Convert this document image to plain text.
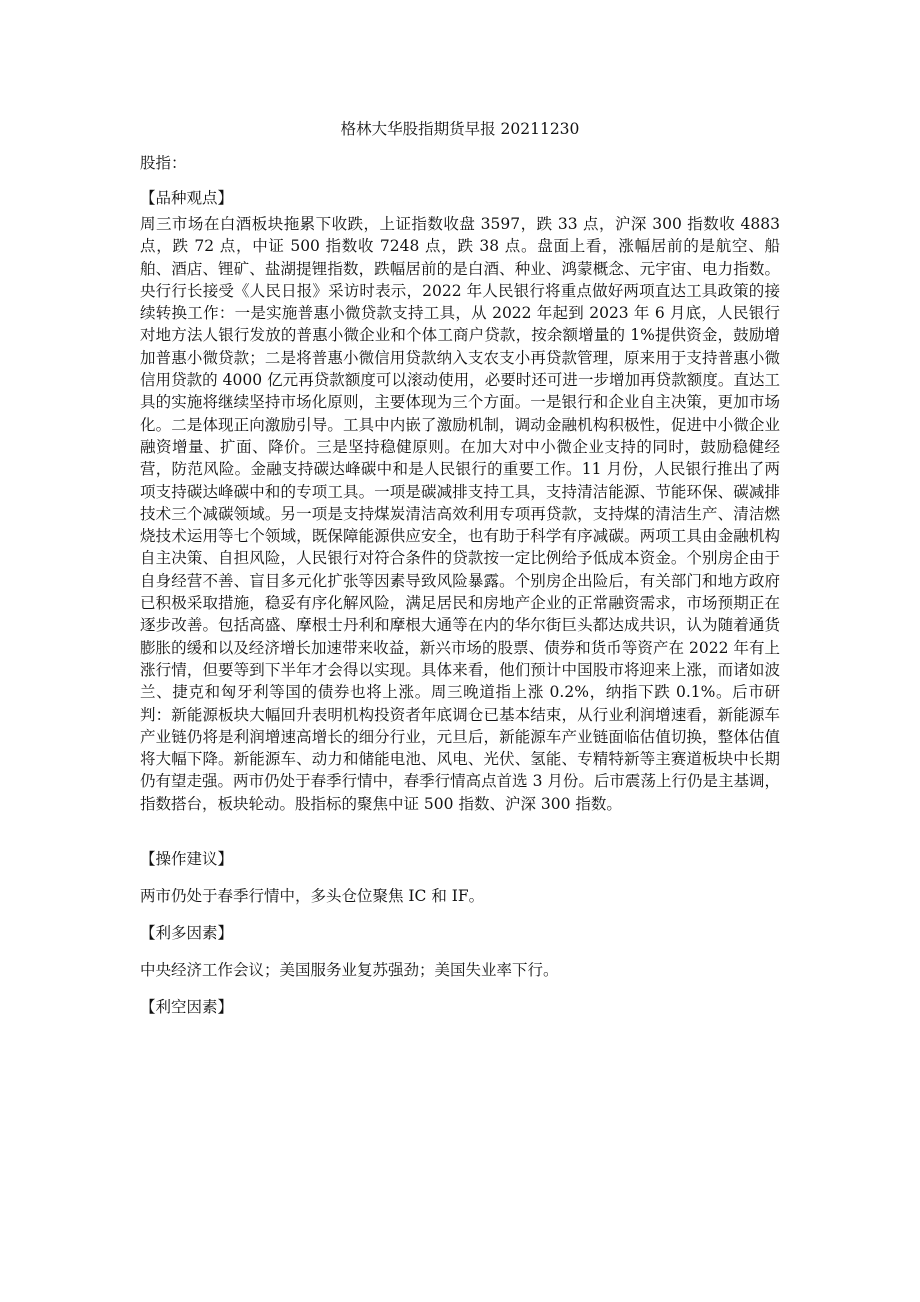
格林大华股指期货早报 20211230
股指：
【品种观点】

周三市场在白酒板块拖累下收跌，上证指数收盘 3597，跌 33 点，沪深 300 指数收 4883 点，跌 72 点，中证 500 指数收 7248 点，跌 38 点。盘面上看，涨幅居前的是航空、船舶、酒店、锂矿、盐湖提锂指数，跌幅居前的是白酒、种业、鸿蒙概念、元宇宙、电力指数。央行行长接受《人民日报》采访时表示，2022 年人民银行将重点做好两项直达工具政策的接续转换工作：一是实施普惠小微贷款支持工具，从 2022 年起到 2023 年 6 月底，人民银行对地方法人银行发放的普惠小微企业和个体工商户贷款，按余额增量的 1%提供资金，鼓励增加普惠小微贷款；二是将普惠小微信用贷款纳入支农支小再贷款管理，原来用于支持普惠小微信用贷款的 4000 亿元再贷款额度可以滚动使用，必要时还可进一步增加再贷款额度。直达工具的实施将继续坚持市场化原则，主要体现为三个方面。一是银行和企业自主决策，更加市场化。二是体现正向激励引导。工具中内嵌了激励机制，调动金融机构积极性，促进中小微企业融资增量、扩面、降价。三是坚持稳健原则。在加大对中小微企业支持的同时，鼓励稳健经营，防范风险。金融支持碳达峰碳中和是人民银行的重要工作。11 月份，人民银行推出了两项支持碳达峰碳中和的专项工具。一项是碳减排支持工具，支持清洁能源、节能环保、碳减排技术三个减碳领域。另一项是支持煤炭清洁高效利用专项再贷款，支持煤的清洁生产、清洁燃烧技术运用等七个领域，既保障能源供应安全，也有助于科学有序减碳。两项工具由金融机构自主决策、自担风险，人民银行对符合条件的贷款按一定比例给予低成本资金。个别房企由于自身经营不善、盲目多元化扩张等因素导致风险暴露。个别房企出险后，有关部门和地方政府已积极采取措施，稳妥有序化解风险，满足居民和房地产企业的正常融资需求，市场预期正在逐步改善。包括高盛、摩根士丹利和摩根大通等在内的华尔街巨头都达成共识，认为随着通货膨胀的缓和以及经济增长加速带来收益，新兴市场的股票、债券和货币等资产在 2022 年有上涨行情，但要等到下半年才会得以实现。具体来看，他们预计中国股市将迎来上涨，而诸如波兰、捷克和匈牙利等国的债券也将上涨。周三晚道指上涨 0.2%，纳指下跌 0.1%。后市研判：新能源板块大幅回升表明机构投资者年底调仓已基本结束，从行业利润增速看，新能源车产业链仍将是利润增速高增长的细分行业，元旦后，新能源车产业链面临估值切换，整体估值将大幅下降。新能源车、动力和储能电池、风电、光伏、氢能、专精特新等主赛道板块中长期仍有望走强。两市仍处于春季行情中，春季行情高点首选 3 月份。后市震荡上行仍是主基调，指数搭台，板块轮动。股指标的聚焦中证 500 指数、沪深 300 指数。

【操作建议】
两市仍处于春季行情中，多头仓位聚焦 IC 和 IF。
【利多因素】
中央经济工作会议；美国服务业复苏强劲；美国失业率下行。
【利空因素】
